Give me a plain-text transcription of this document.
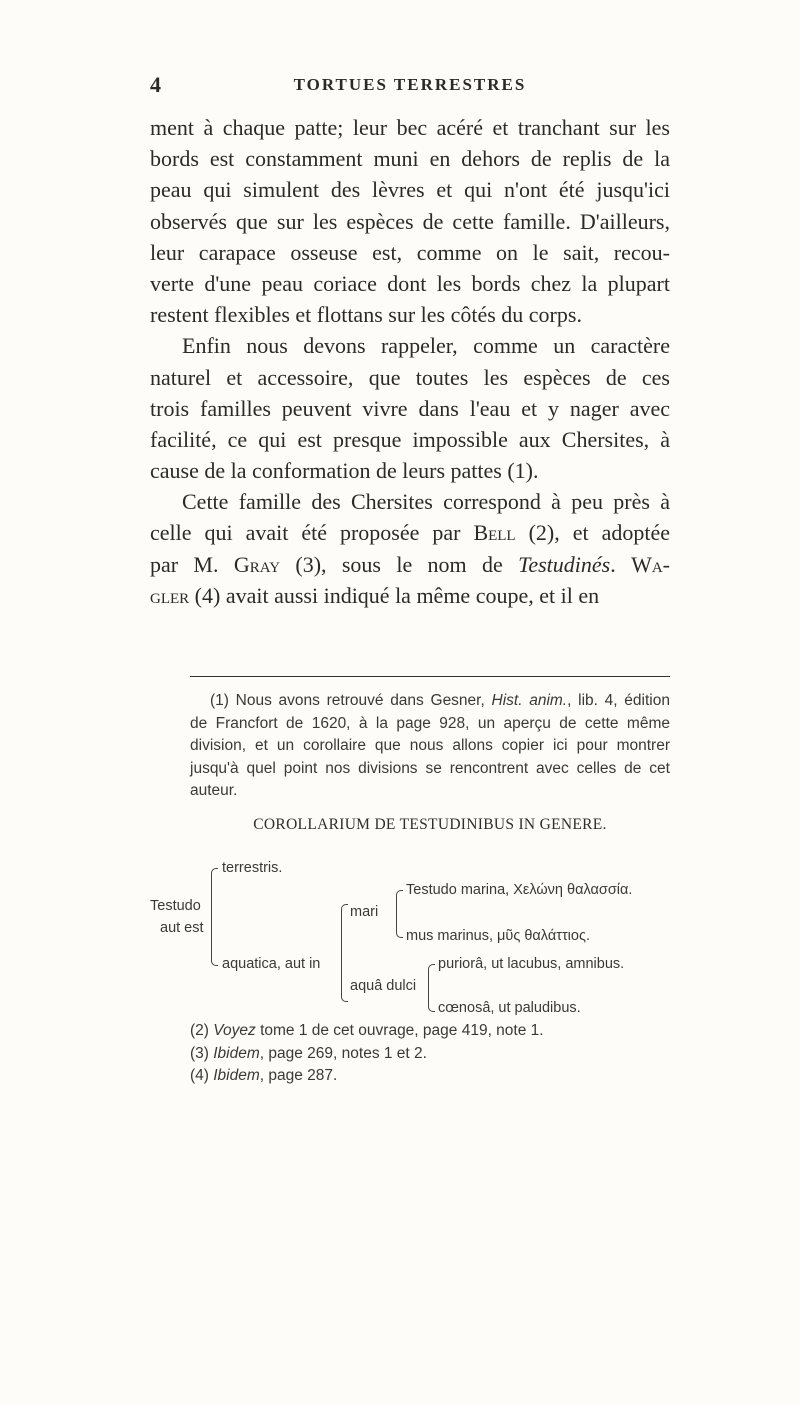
4	TORTUES TERRESTRES
ment à chaque patte; leur bec acéré et tranchant sur les
bords est constamment muni en dehors de replis de la
peau qui simulent des lèvres et qui n'ont été jusqu'ici
observés que sur les espèces de cette famille. D'ailleurs,
leur carapace osseuse est, comme on le sait, recou-
verte d'une peau coriace dont les bords chez la plupart
restent flexibles et flottans sur les côtés du corps.
Enfin nous devons rappeler, comme un caractère
naturel et accessoire, que toutes les espèces de ces
trois familles peuvent vivre dans l'eau et y nager avec
facilité, ce qui est presque impossible aux Chersites, à
cause de la conformation de leurs pattes (1).
Cette famille des Chersites correspond à peu près à
celle qui avait été proposée par Bell (2), et adoptée
par M. Gray (3), sous le nom de Testudinés. Wa-
gler (4) avait aussi indiqué la même coupe, et il en
(1) Nous avons retrouvé dans Gesner, Hist. anim., lib. 4, édition
de Francfort de 1620, à la page 928, un aperçu de cette même
division, et un corollaire que nous allons copier ici pour montrer
jusqu'à quel point nos divisions se rencontrent avec celles de cet
auteur.
COROLLARIUM DE TESTUDINIBUS IN GENERE.
Testudo
aut est
terrestris.
aquatica, aut in
mari
Testudo marina, Χελώνη θαλασσία.
mus marinus, μῦς θαλάττιος.
aquâ dulci
puriorâ, ut lacubus, amnibus.
cœnosâ, ut paludibus.
(2) Voyez tome 1 de cet ouvrage, page 419, note 1.
(3) Ibidem, page 269, notes 1 et 2.
(4) Ibidem, page 287.
